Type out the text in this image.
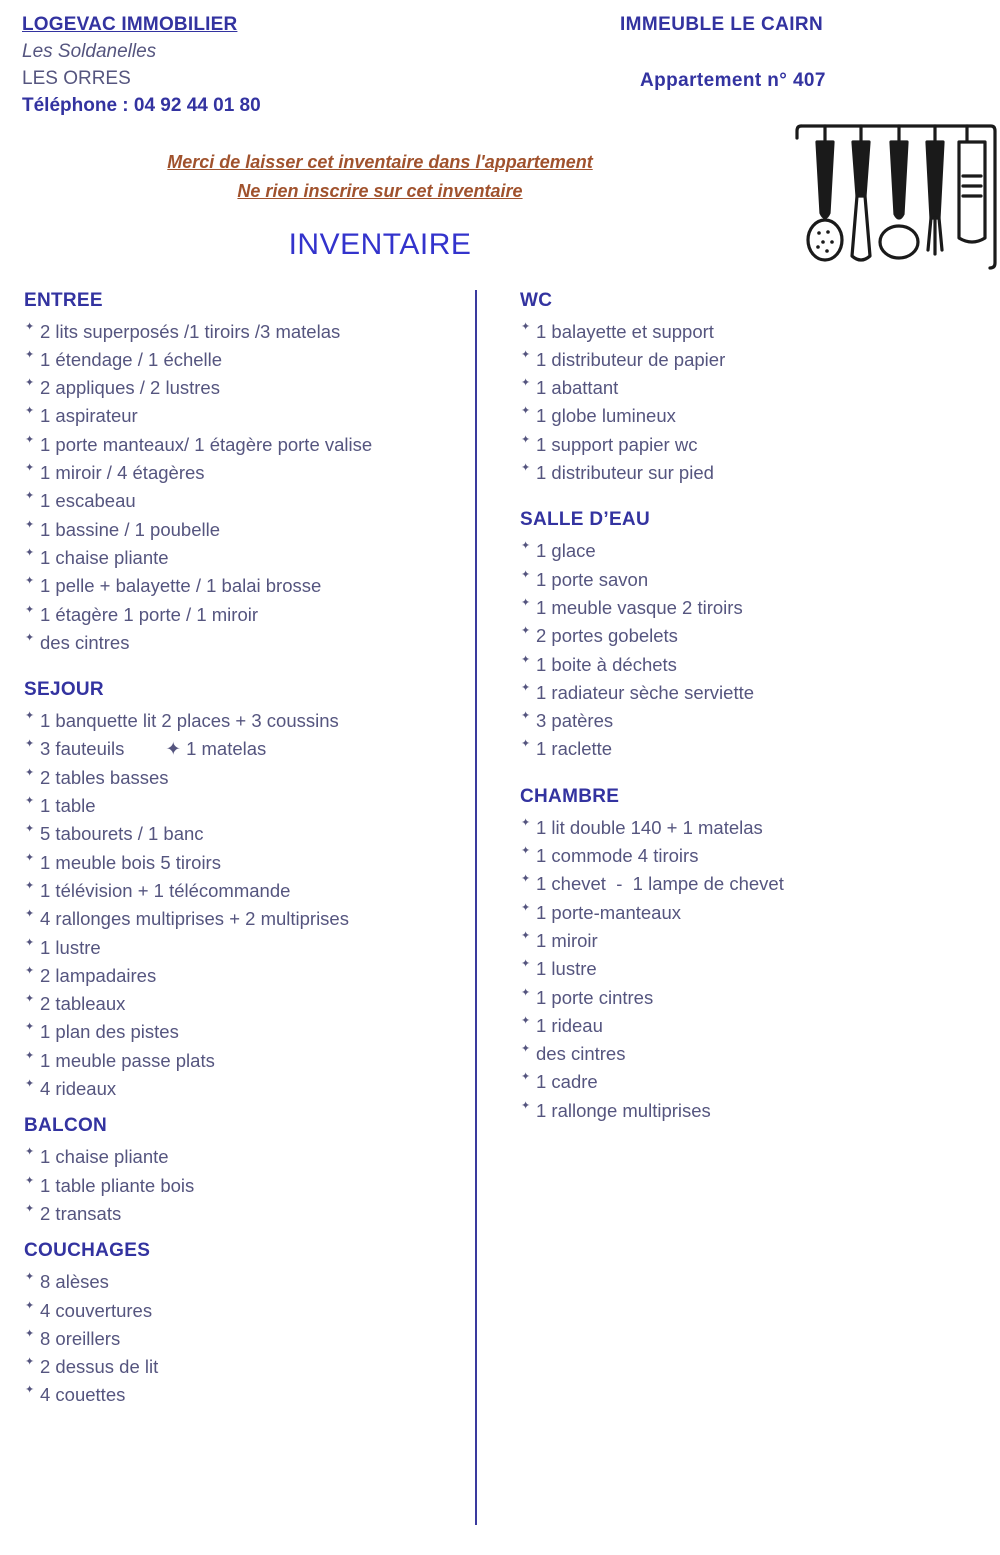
LOGEVAC IMMOBILIER
Les Soldanelles
LES ORRES
Téléphone : 04 92 44 01 80
IMMEUBLE LE CAIRN
Appartement n° 407
Merci de laisser cet inventaire dans l'appartement
Ne rien inscrire sur cet inventaire
INVENTAIRE
ENTREE
✦ 2 lits superposés /1 tiroirs /3 matelas
✦ 1 étendage / 1 échelle
✦ 2 appliques / 2 lustres
✦ 1 aspirateur
✦ 1 porte manteaux/ 1 étagère porte valise
✦ 1 miroir / 4 étagères
✦ 1 escabeau
✦ 1 bassine / 1 poubelle
✦ 1 chaise pliante
✦ 1 pelle + balayette / 1 balai brosse
✦ 1 étagère 1 porte / 1 miroir
✦ des cintres
SEJOUR
✦ 1 banquette lit 2 places + 3 coussins
✦ 3 fauteuils        ✦ 1 matelas
✦ 2 tables basses
✦ 1 table
✦ 5 tabourets / 1 banc
✦ 1 meuble bois 5 tiroirs
✦ 1 télévision + 1 télécommande
✦ 4 rallonges multiprises + 2 multiprises
✦ 1 lustre
✦ 2 lampadaires
✦ 2 tableaux
✦ 1 plan des pistes
✦ 1 meuble passe plats
✦ 4 rideaux
BALCON
✦ 1 chaise pliante
✦ 1 table pliante bois
✦ 2 transats
COUCHAGES
✦ 8 alèses
✦ 4 couvertures
✦ 8 oreillers
✦ 2 dessus de lit
✦ 4 couettes
WC
✦ 1 balayette et support
✦ 1 distributeur de papier
✦ 1 abattant
✦ 1 globe lumineux
✦ 1 support papier wc
✦ 1 distributeur sur pied
SALLE D’EAU
✦ 1 glace
✦ 1 porte savon
✦ 1 meuble vasque 2 tiroirs
✦ 2 portes gobelets
✦ 1 boite à déchets
✦ 1 radiateur sèche serviette
✦ 3 patères
✦ 1 raclette
CHAMBRE
✦ 1 lit double 140 + 1 matelas
✦ 1 commode 4 tiroirs
✦ 1 chevet  -  1 lampe de chevet
✦ 1 porte-manteaux
✦ 1 miroir
✦ 1 lustre
✦ 1 porte cintres
✦ 1 rideau
✦ des cintres
✦ 1 cadre
✦ 1 rallonge multiprises
